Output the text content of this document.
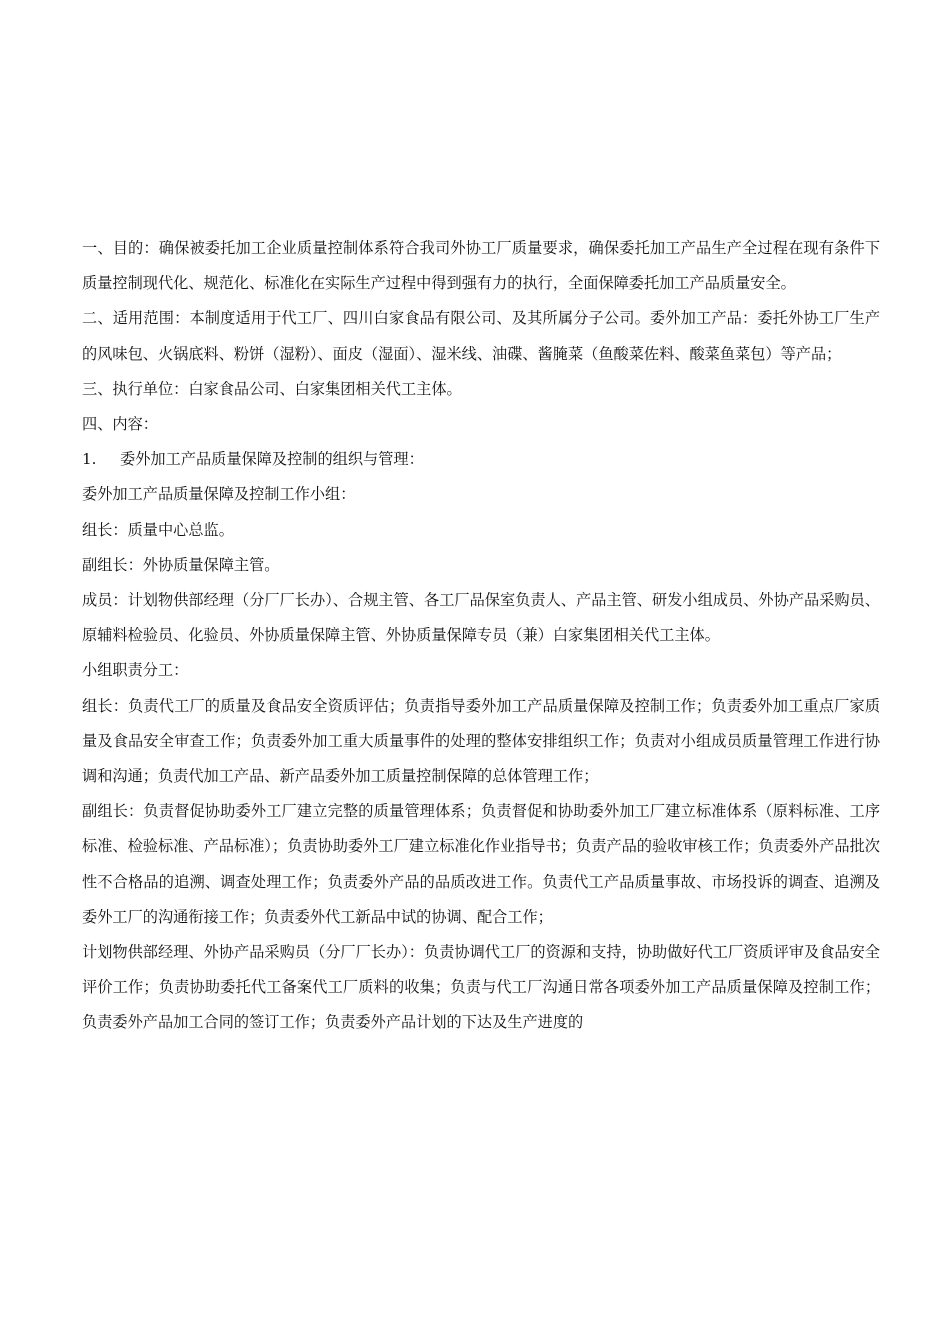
一、目的：确保被委托加工企业质量控制体系符合我司外协工厂质量要求，确保委托加工产品生产全过程在现有条件下质量控制现代化、规范化、标准化在实际生产过程中得到强有力的执行，全面保障委托加工产品质量安全。

二、适用范围：本制度适用于代工厂、四川白家食品有限公司、及其所属分子公司。委外加工产品：委托外协工厂生产的风味包、火锅底料、粉饼（湿粉）、面皮（湿面）、湿米线、油碟、酱腌菜（鱼酸菜佐料、酸菜鱼菜包）等产品；

三、执行单位：白家食品公司、白家集团相关代工主体。

四、内容：

1. 委外加工产品质量保障及控制的组织与管理：

委外加工产品质量保障及控制工作小组：

组长：质量中心总监。

副组长：外协质量保障主管。

成员：计划物供部经理（分厂厂长办）、合规主管、各工厂品保室负责人、产品主管、研发小组成员、外协产品采购员、原辅料检验员、化验员、外协质量保障主管、外协质量保障专员（兼）白家集团相关代工主体。

小组职责分工：

组长：负责代工厂的质量及食品安全资质评估；负责指导委外加工产品质量保障及控制工作；负责委外加工重点厂家质量及食品安全审查工作；负责委外加工重大质量事件的处理的整体安排组织工作；负责对小组成员质量管理工作进行协调和沟通；负责代加工产品、新产品委外加工质量控制保障的总体管理工作；

副组长：负责督促协助委外工厂建立完整的质量管理体系；负责督促和协助委外加工厂建立标准体系（原料标准、工序标准、检验标准、产品标准）；负责协助委外工厂建立标准化作业指导书；负责产品的验收审核工作；负责委外产品批次性不合格品的追溯、调查处理工作；负责委外产品的品质改进工作。负责代工产品质量事故、市场投诉的调查、追溯及委外工厂的沟通衔接工作；负责委外代工新品中试的协调、配合工作；

计划物供部经理、外协产品采购员（分厂厂长办）：负责协调代工厂的资源和支持，协助做好代工厂资质评审及食品安全评价工作；负责协助委托代工备案代工厂质料的收集；负责与代工厂沟通日常各项委外加工产品质量保障及控制工作；负责委外产品加工合同的签订工作；负责委外产品计划的下达及生产进度的
